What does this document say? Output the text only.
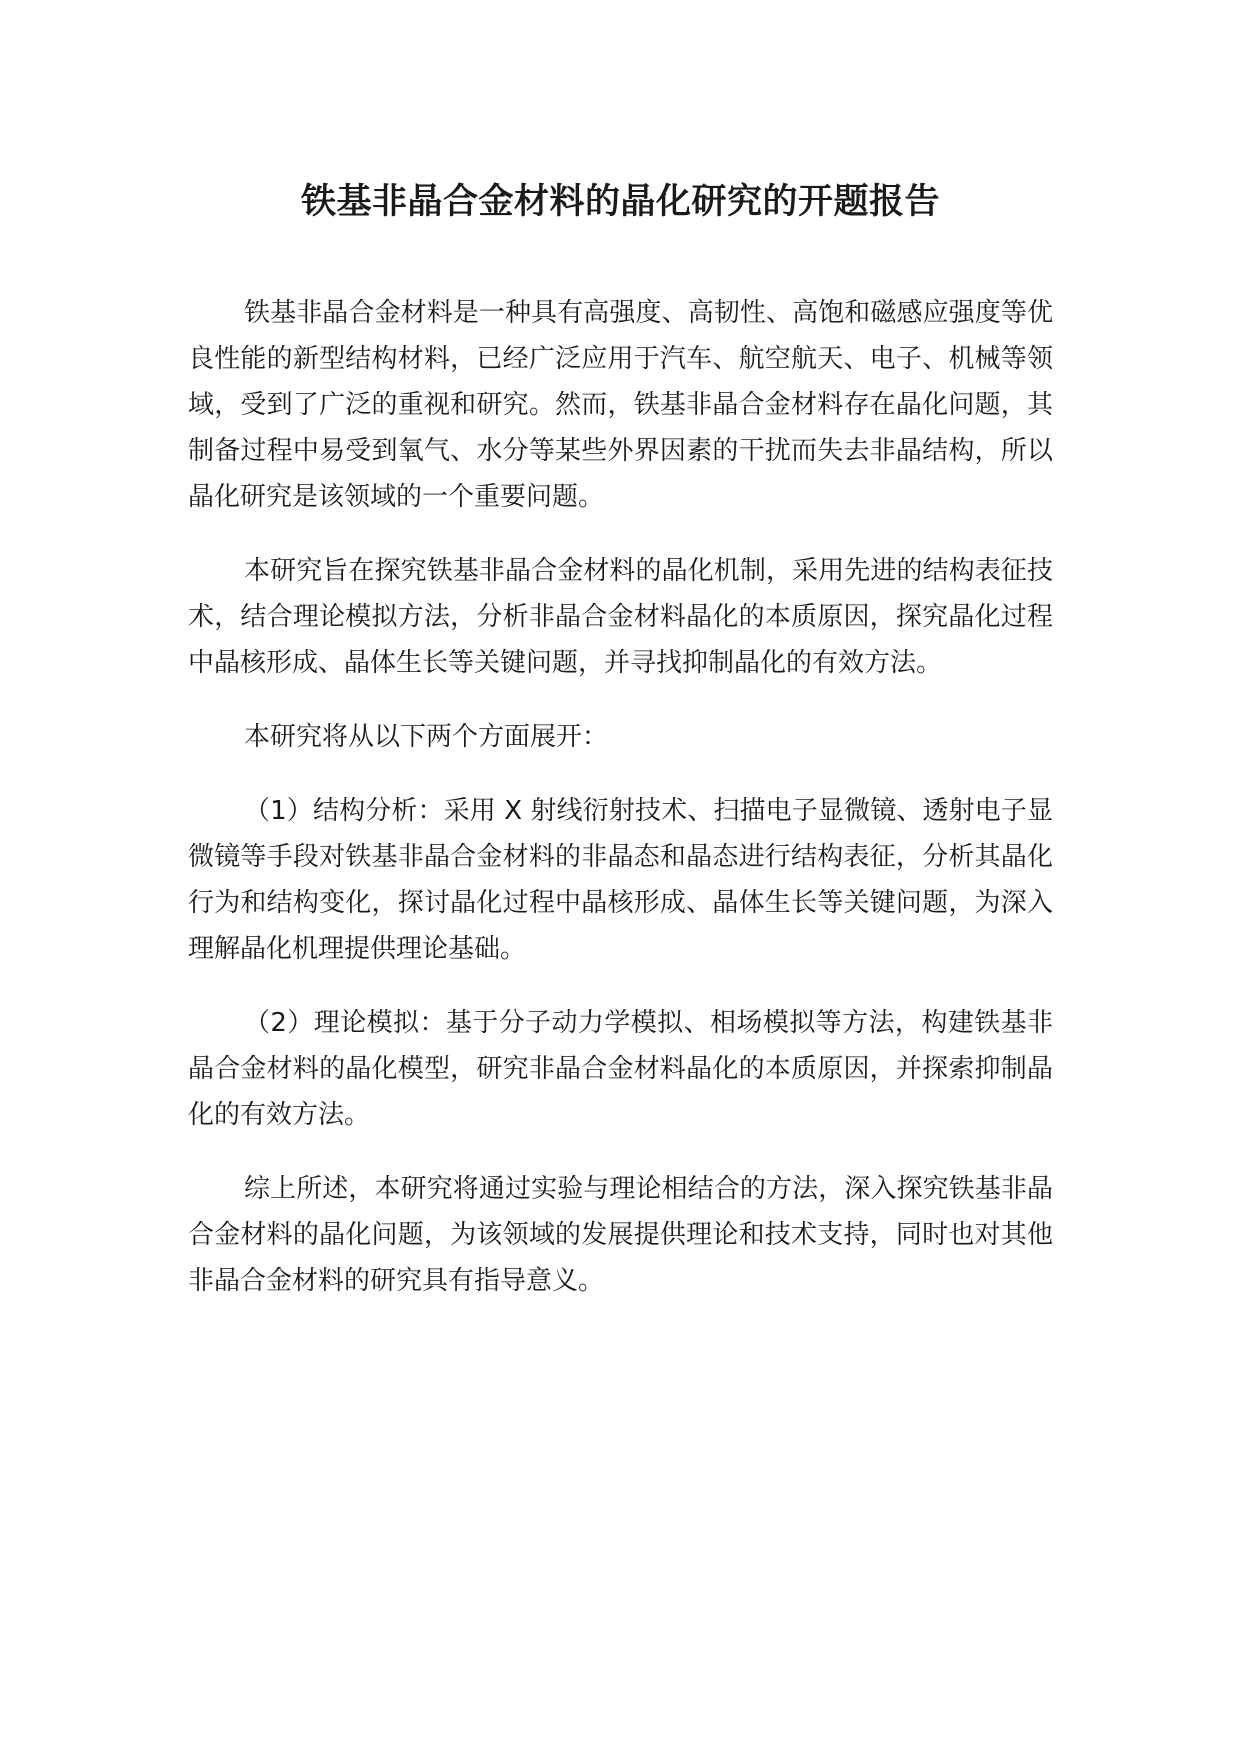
铁基非晶合金材料的晶化研究的开题报告

铁基非晶合金材料是一种具有高强度、高韧性、高饱和磁感应强度等优良性能的新型结构材料，已经广泛应用于汽车、航空航天、电子、机械等领域，受到了广泛的重视和研究。然而，铁基非晶合金材料存在晶化问题，其制备过程中易受到氧气、水分等某些外界因素的干扰而失去非晶结构，所以晶化研究是该领域的一个重要问题。

本研究旨在探究铁基非晶合金材料的晶化机制，采用先进的结构表征技术，结合理论模拟方法，分析非晶合金材料晶化的本质原因，探究晶化过程中晶核形成、晶体生长等关键问题，并寻找抑制晶化的有效方法。

本研究将从以下两个方面展开：

（1）结构分析：采用 X 射线衍射技术、扫描电子显微镜、透射电子显微镜等手段对铁基非晶合金材料的非晶态和晶态进行结构表征，分析其晶化行为和结构变化，探讨晶化过程中晶核形成、晶体生长等关键问题，为深入理解晶化机理提供理论基础。

（2）理论模拟：基于分子动力学模拟、相场模拟等方法，构建铁基非晶合金材料的晶化模型，研究非晶合金材料晶化的本质原因，并探索抑制晶化的有效方法。

综上所述，本研究将通过实验与理论相结合的方法，深入探究铁基非晶合金材料的晶化问题，为该领域的发展提供理论和技术支持，同时也对其他非晶合金材料的研究具有指导意义。
